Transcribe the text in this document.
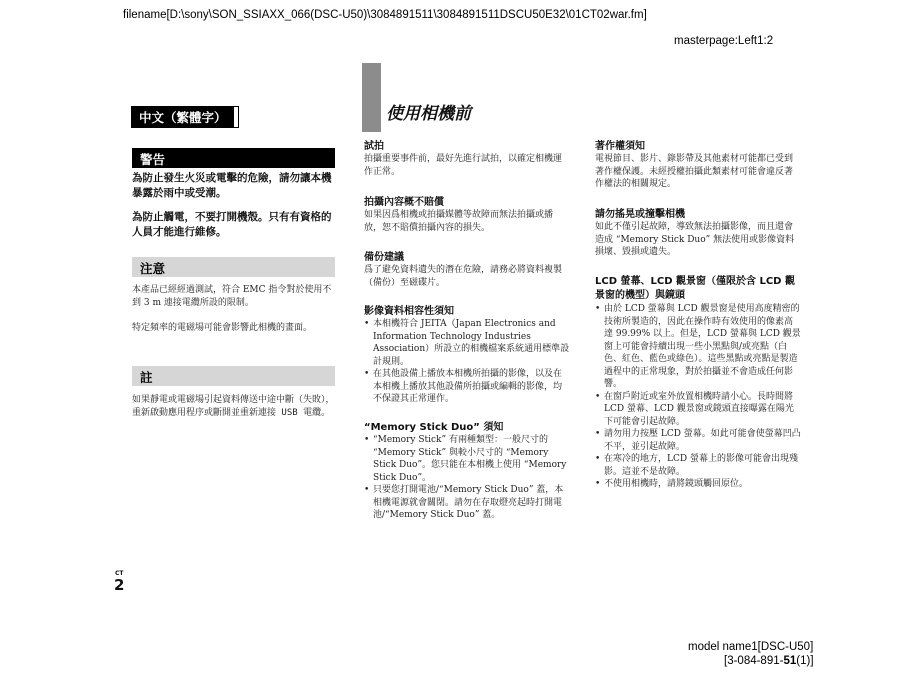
filename[D:\sony\SON_SSIAXX_066(DSC-U50)\3084891511\3084891511DSCU50E32\01CT02war.fm]
masterpage:Left1:2
中文（繁體字）
警告
為防止發生火災或電擊的危險，請勿讓本機暴露於雨中或受潮。
為防止觸電，不要打開機殼。只有有資格的人員才能進行維修。
注意
本產品已經經過測試，符合 EMC 指令對於使用不到 3 m 連接電纜所設的限制。
特定頻率的電磁場可能會影響此相機的畫面。
註
如果靜電或電磁場引起資料傳送中途中斷（失敗），重新啟動應用程序或斷開並重新連接 USB 電纜。
使用相機前
試拍

拍攝重要事件前，最好先進行試拍，以確定相機運作正常。

拍攝內容概不賠償

如果因爲相機或拍攝媒體等故障而無法拍攝或播放，恕不賠償拍攝內容的損失。

備份建議

爲了避免資料遺失的潛在危險，請務必將資料複製（備份）至磁碟片。

影像資料相容性須知
• 本相機符合 JEITA（Japan Electronics and Information Technology Industries Association）所設立的相機檔案系統通用標準設計規則。
• 在其他設備上播放本相機所拍攝的影像，以及在本相機上播放其他設備所拍攝或編輯的影像，均不保證其正常運作。
“Memory Stick Duo” 須知
• “Memory Stick” 有兩種類型：一般尺寸的 “Memory Stick” 與較小尺寸的 “Memory Stick Duo”。您只能在本相機上使用 “Memory Stick Duo”。
• 只要您打開電池/“Memory Stick Duo” 蓋，本相機電源就會關閉。請勿在存取燈亮起時打開電池/“Memory Stick Duo” 蓋。
著作權須知

電視節目、影片、錄影帶及其他素材可能都已受到著作權保護。未經授權拍攝此類素材可能會違反著作權法的相關規定。

請勿搖晃或撞擊相機

如此不僅引起故障，導致無法拍攝影像，而且還會造成 “Memory Stick Duo” 無法使用或影像資料損壞、毀損或遺失。

LCD 螢幕、LCD 觀景窗（僅限於含 LCD 觀景窗的機型）與鏡頭
• 由於 LCD 螢幕與 LCD 觀景窗是使用高度精密的技術所製造的，因此在操作時有效使用的像素高達 99.99% 以上。但是，LCD 螢幕與 LCD 觀景窗上可能會持續出現一些小黑點與/或亮點（白色、紅色、藍色或綠色）。這些黑點或亮點是製造過程中的正常現象，對於拍攝並不會造成任何影響。
• 在窗戶附近或室外放置相機時請小心。長時間將 LCD 螢幕、LCD 觀景窗或鏡頭直接曝露在陽光下可能會引起故障。
• 請勿用力按壓 LCD 螢幕。如此可能會使螢幕凹凸不平，並引起故障。
• 在寒冷的地方，LCD 螢幕上的影像可能會出現殘影。這並不是故障。
• 不使用相機時，請將鏡頭觸回原位。
CT
2
model name1[DSC-U50]
[3-084-891-51(1)]
